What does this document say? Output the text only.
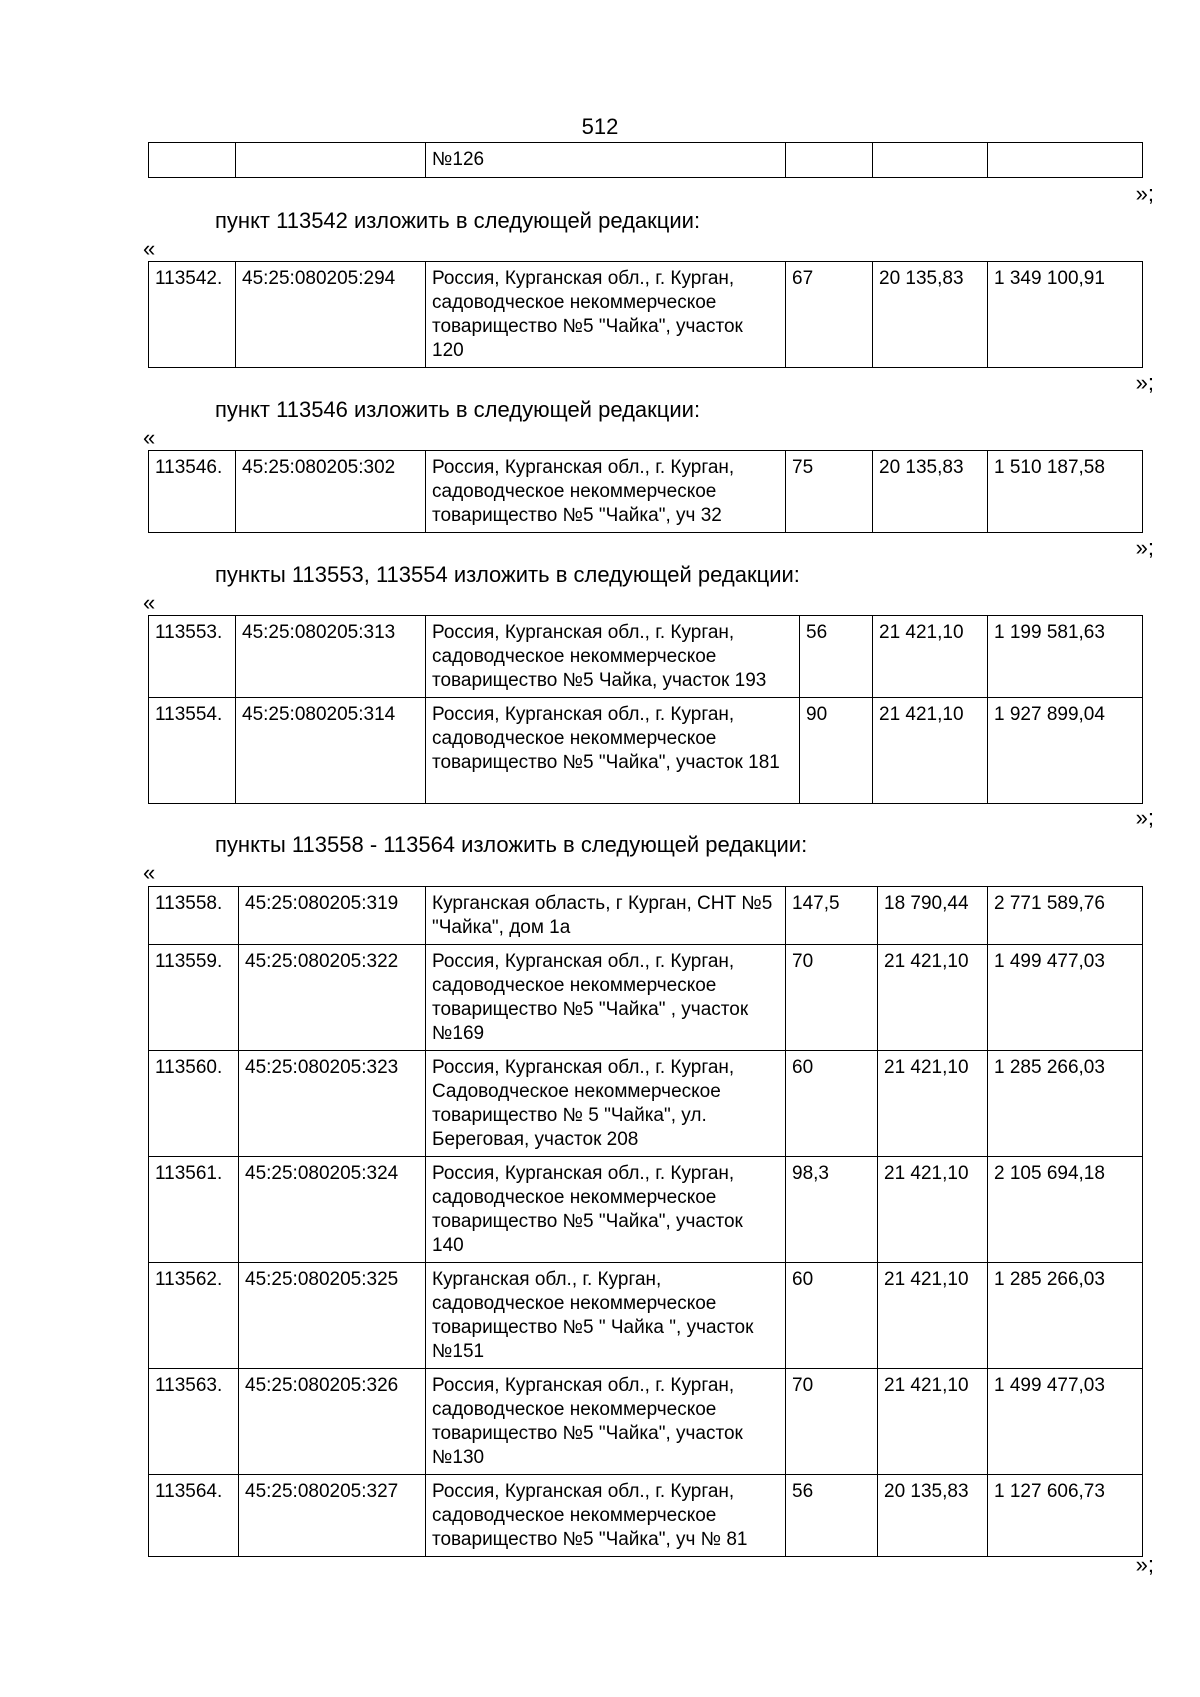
512
		№126			
»;
пункт 113542 изложить в следующей редакции:
«
113542.	45:25:080205:294	Россия, Курганская обл., г. Курган, садоводческое некоммерческое товарищество №5 "Чайка", участок 120	67	20 135,83	1 349 100,91
»;
пункт 113546 изложить в следующей редакции:
«
113546.	45:25:080205:302	Россия, Курганская обл., г. Курган, садоводческое некоммерческое товарищество №5 "Чайка", уч 32	75	20 135,83	1 510 187,58
»;
пункты 113553, 113554 изложить в следующей редакции:
«
113553.	45:25:080205:313	Россия, Курганская обл., г. Курган, садоводческое некоммерческое товарищество №5 Чайка, участок 193	56	21 421,10	1 199 581,63
113554.	45:25:080205:314	Россия, Курганская обл., г. Курган, садоводческое некоммерческое товарищество №5 "Чайка", участок 181	90	21 421,10	1 927 899,04
»;
пункты 113558 - 113564 изложить в следующей редакции:
«
113558.	45:25:080205:319	Курганская область, г Курган, СНТ №5 "Чайка", дом 1а	147,5	18 790,44	2 771 589,76
113559.	45:25:080205:322	Россия, Курганская обл., г. Курган, садоводческое некоммерческое товарищество №5 "Чайка" , участок №169	70	21 421,10	1 499 477,03
113560.	45:25:080205:323	Россия, Курганская обл., г. Курган, Садоводческое некоммерческое товарищество № 5 "Чайка", ул. Береговая, участок 208	60	21 421,10	1 285 266,03
113561.	45:25:080205:324	Россия, Курганская обл., г. Курган, садоводческое некоммерческое товарищество №5 "Чайка", участок 140	98,3	21 421,10	2 105 694,18
113562.	45:25:080205:325	Курганская обл., г. Курган, садоводческое некоммерческое товарищество №5 " Чайка ", участок №151	60	21 421,10	1 285 266,03
113563.	45:25:080205:326	Россия, Курганская обл., г. Курган, садоводческое некоммерческое товарищество №5 "Чайка", участок №130	70	21 421,10	1 499 477,03
113564.	45:25:080205:327	Россия, Курганская обл., г. Курган, садоводческое некоммерческое товарищество №5 "Чайка", уч № 81	56	20 135,83	1 127 606,73
»;
